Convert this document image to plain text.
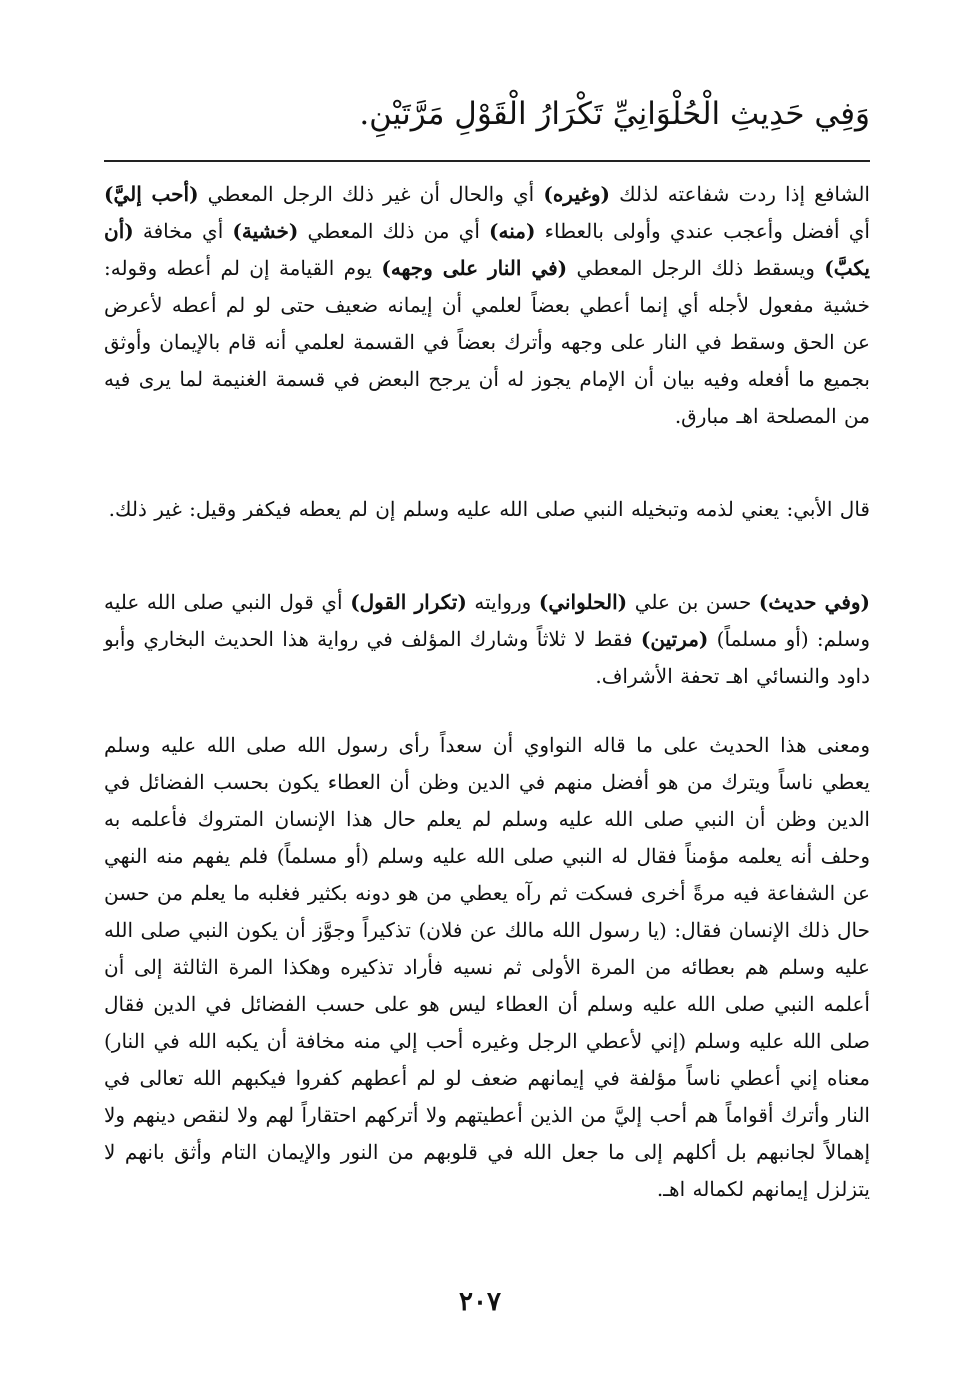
وَفِي حَدِيثِ الْحُلْوَانِيِّ تَكْرَارُ الْقَوْلِ مَرَّتَيْنِ.

الشافع إذا ردت شفاعته لذلك (وغيره) أي والحال أن غير ذلك الرجل المعطي (أحب إليَّ) أي أفضل وأعجب عندي وأولى بالعطاء (منه) أي من ذلك المعطي (خشية) أي مخافة (أن يكبَّ) ويسقط ذلك الرجل المعطي (في النار على وجهه) يوم القيامة إن لم أعطه وقوله: خشية مفعول لأجله أي إنما أعطي بعضاً لعلمي أن إيمانه ضعيف حتى لو لم أعطه لأعرض عن الحق وسقط في النار على وجهه وأترك بعضاً في القسمة لعلمي أنه قام بالإيمان وأوثق بجميع ما أفعله وفيه بيان أن الإمام يجوز له أن يرجح البعض في قسمة الغنيمة لما يرى فيه من المصلحة اهـ مبارق.

قال الأبي: يعني لذمه وتبخيله النبي صلى الله عليه وسلم إن لم يعطه فيكفر وقيل: غير ذلك.

(وفي حديث) حسن بن علي (الحلواني) وروايته (تكرار القول) أي قول النبي صلى الله عليه وسلم: (أو مسلماً) (مرتين) فقط لا ثلاثاً وشارك المؤلف في رواية هذا الحديث البخاري وأبو داود والنسائي اهـ تحفة الأشراف.

ومعنى هذا الحديث على ما قاله النواوي أن سعداً رأى رسول الله صلى الله عليه وسلم يعطي ناساً ويترك من هو أفضل منهم في الدين وظن أن العطاء يكون بحسب الفضائل في الدين وظن أن النبي صلى الله عليه وسلم لم يعلم حال هذا الإنسان المتروك فأعلمه به وحلف أنه يعلمه مؤمناً فقال له النبي صلى الله عليه وسلم (أو مسلماً) فلم يفهم منه النهي عن الشفاعة فيه مرةً أخرى فسكت ثم رآه يعطي من هو دونه بكثير فغلبه ما يعلم من حسن حال ذلك الإنسان فقال: (يا رسول الله مالك عن فلان) تذكيراً وجوَّز أن يكون النبي صلى الله عليه وسلم هم بعطائه من المرة الأولى ثم نسيه فأراد تذكيره وهكذا المرة الثالثة إلى أن أعلمه النبي صلى الله عليه وسلم أن العطاء ليس هو على حسب الفضائل في الدين فقال صلى الله عليه وسلم (إني لأعطي الرجل وغيره أحب إلي منه مخافة أن يكبه الله في النار) معناه إني أعطي ناساً مؤلفة في إيمانهم ضعف لو لم أعطهم كفروا فيكبهم الله تعالى في النار وأترك أقواماً هم أحب إليَّ من الذين أعطيتهم ولا أتركهم احتقاراً لهم ولا لنقص دينهم ولا إهمالاً لجانبهم بل أكلهم إلى ما جعل الله في قلوبهم من النور والإيمان التام وأثق بانهم لا يتزلزل إيمانهم لكماله اهـ.

٢٠٧
